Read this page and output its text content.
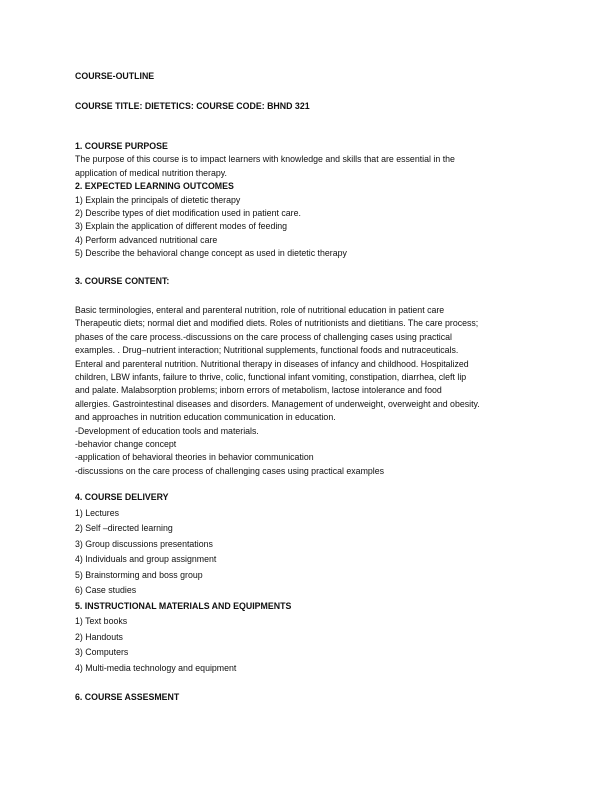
COURSE-OUTLINE
COURSE TITLE: DIETETICS: COURSE CODE: BHND 321
1. COURSE PURPOSE
The purpose of this course is to impact learners with knowledge and skills that are essential in the
application of medical nutrition therapy.
2. EXPECTED LEARNING OUTCOMES
1) Explain the principals of dietetic therapy
2) Describe types of diet modification used in patient care.
3) Explain the application of different modes of feeding
4) Perform advanced nutritional care
5) Describe the behavioral change concept as used in dietetic therapy
3. COURSE CONTENT:
Basic terminologies, enteral and parenteral nutrition, role of nutritional education in patient care
Therapeutic diets; normal diet and modified diets. Roles of nutritionists and dietitians. The care process;
phases of the care process.-discussions on the care process of challenging cases using practical
examples. . Drug–nutrient interaction; Nutritional supplements, functional foods and nutraceuticals.
Enteral and parenteral nutrition. Nutritional therapy in diseases of infancy and childhood. Hospitalized
children, LBW infants, failure to thrive, colic, functional infant vomiting, constipation, diarrhea, cleft lip
and palate. Malabsorption problems; inborn errors of metabolism, lactose intolerance and food
allergies. Gastrointestinal diseases and disorders. Management of underweight, overweight and obesity.
and approaches in nutrition education communication in education.
-Development of education tools and materials.
-behavior change concept
-application of behavioral theories in behavior communication
-discussions on the care process of challenging cases using practical examples
4. COURSE DELIVERY
1) Lectures
2) Self –directed learning
3) Group discussions presentations
4) Individuals and group assignment
5) Brainstorming and boss group
6) Case studies
5. INSTRUCTIONAL MATERIALS AND EQUIPMENTS
1) Text books
2) Handouts
3) Computers
4) Multi-media technology and equipment
6. COURSE ASSESMENT
